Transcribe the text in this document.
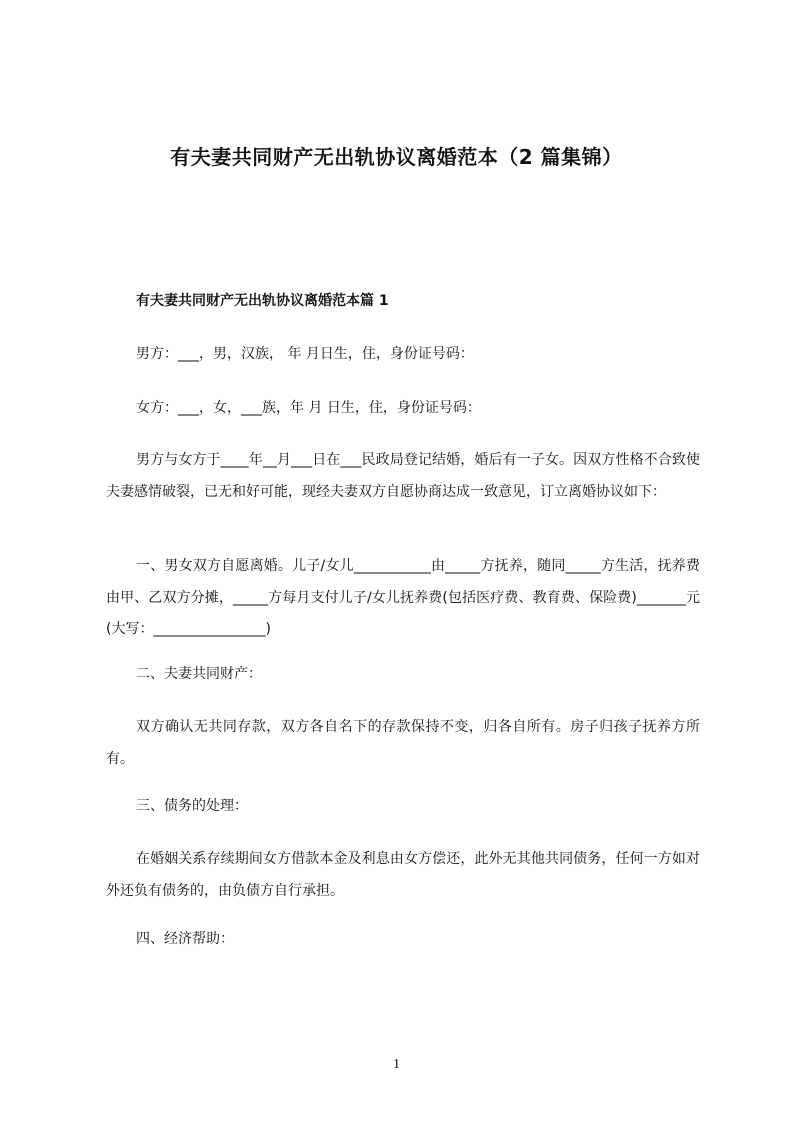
有夫妻共同财产无出轨协议离婚范本（2 篇集锦）
有夫妻共同财产无出轨协议离婚范本篇 1

男方：___，男，汉族， 年 月日生，住，身份证号码：

女方：___，女，___族，年 月 日生，住，身份证号码：

男方与女方于____年__月___日在___民政局登记结婚，婚后有一子女。因双方性格不合致使夫妻感情破裂，已无和好可能，现经夫妻双方自愿协商达成一致意见，订立离婚协议如下：

一、男女双方自愿离婚。儿子/女儿___________由_____方抚养，随同_____方生活，抚养费由甲、乙双方分摊，_____方每月支付儿子/女儿抚养费(包括医疗费、教育费、保险费)_______元(大写：________________)

二、夫妻共同财产：

双方确认无共同存款，双方各自名下的存款保持不变，归各自所有。房子归孩子抚养方所有。

三、债务的处理：

在婚姻关系存续期间女方借款本金及利息由女方偿还，此外无其他共同债务，任何一方如对外还负有债务的，由负债方自行承担。

四、经济帮助：

1
